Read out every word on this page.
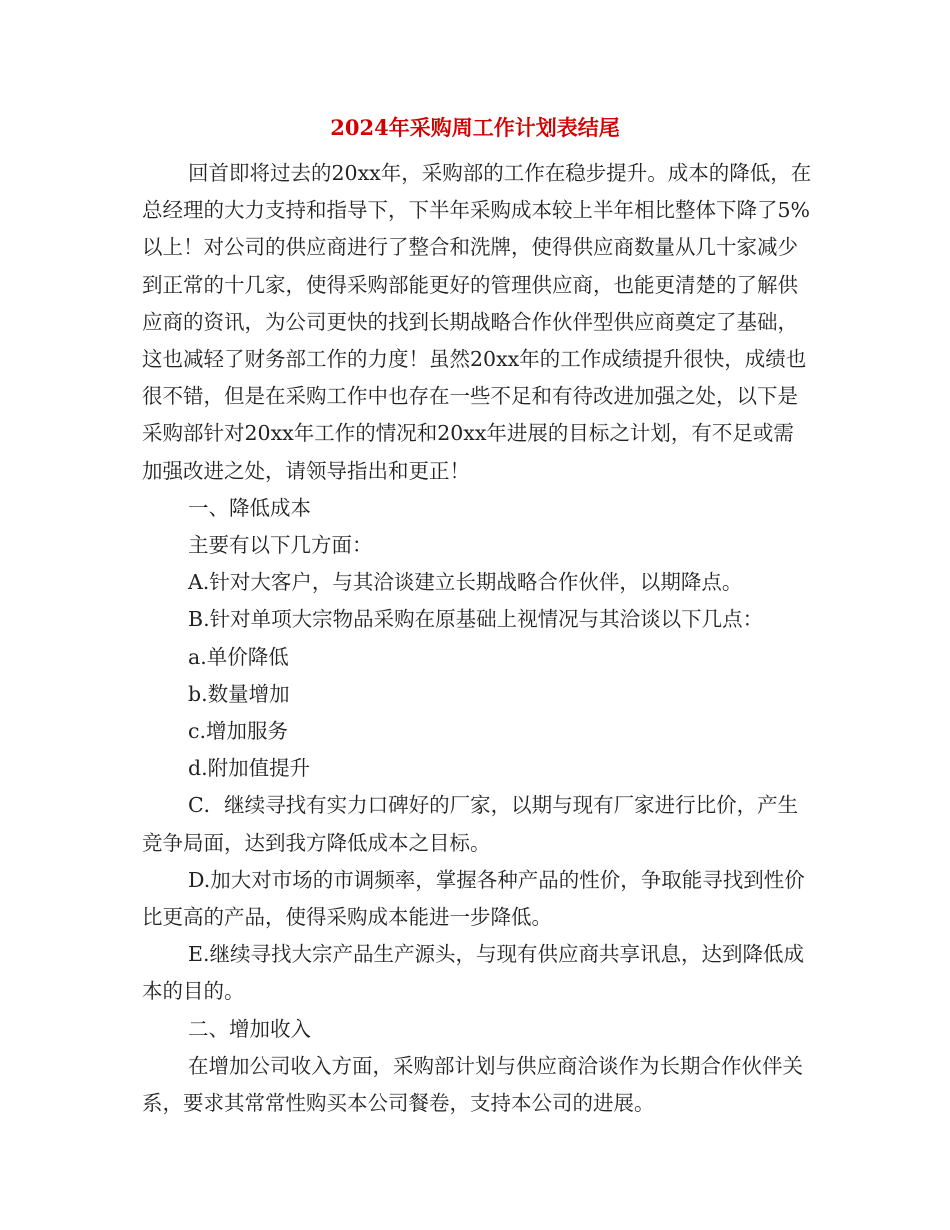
2024年采购周工作计划表结尾

回首即将过去的20xx年，采购部的工作在稳步提升。成本的降低，在总经理的大力支持和指导下，下半年采购成本较上半年相比整体下降了5%以上！对公司的供应商进行了整合和洗牌，使得供应商数量从几十家减少到正常的十几家，使得采购部能更好的管理供应商，也能更清楚的了解供应商的资讯，为公司更快的找到长期战略合作伙伴型供应商奠定了基础，这也减轻了财务部工作的力度！虽然20xx年的工作成绩提升很快，成绩也很不错，但是在采购工作中也存在一些不足和有待改进加强之处，以下是采购部针对20xx年工作的情况和20xx年进展的目标之计划，有不足或需加强改进之处，请领导指出和更正！

一、降低成本

主要有以下几方面：

A.针对大客户，与其洽谈建立长期战略合作伙伴，以期降点。

B.针对单项大宗物品采购在原基础上视情况与其洽谈以下几点：

a.单价降低

b.数量增加

c.增加服务

d.附加值提升

C．继续寻找有实力口碑好的厂家，以期与现有厂家进行比价，产生竞争局面，达到我方降低成本之目标。

D.加大对市场的市调频率，掌握各种产品的性价，争取能寻找到性价比更高的产品，使得采购成本能进一步降低。

E.继续寻找大宗产品生产源头，与现有供应商共享讯息，达到降低成本的目的。

二、增加收入

在增加公司收入方面，采购部计划与供应商洽谈作为长期合作伙伴关系，要求其常常性购买本公司餐卷，支持本公司的进展。
